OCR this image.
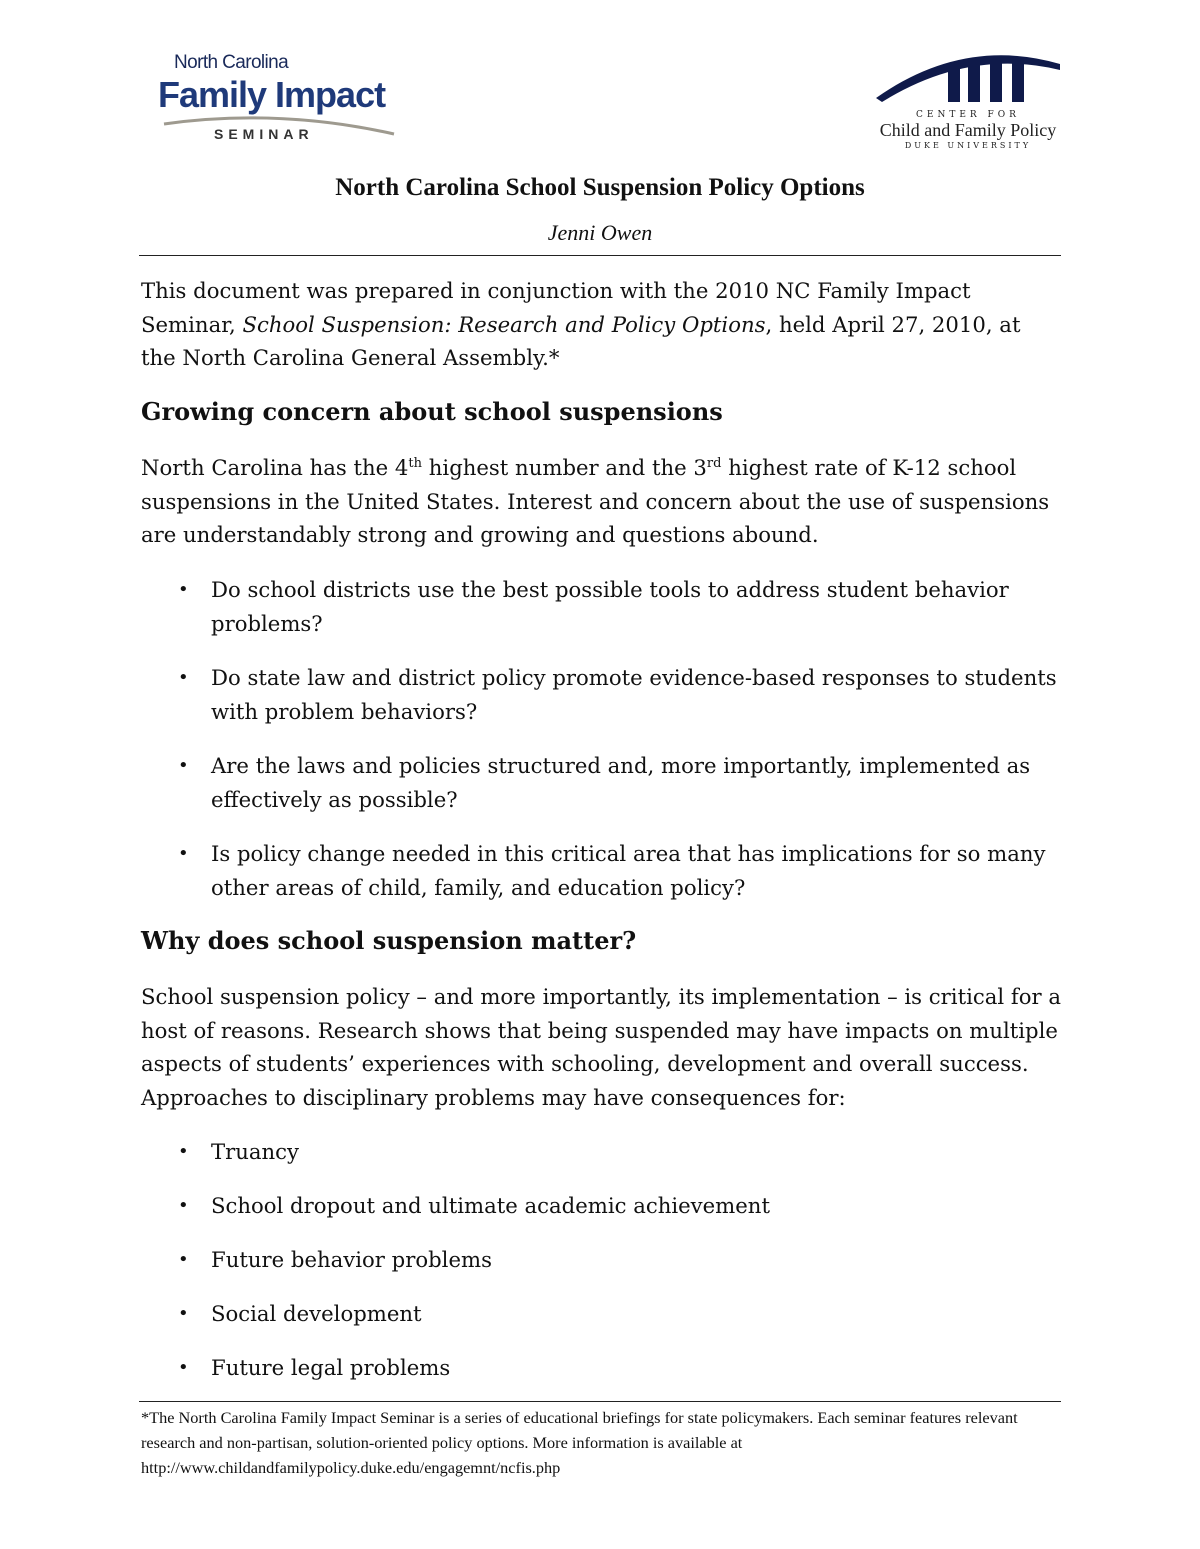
North Carolina
Family Impact
SEMINAR
CENTER FOR
Child and Family Policy
DUKE UNIVERSITY
North Carolina School Suspension Policy Options
Jenni Owen
This document was prepared in conjunction with the 2010 NC Family Impact Seminar, School Suspension: Research and Policy Options, held April 27, 2010, at the North Carolina General Assembly.*
Growing concern about school suspensions
North Carolina has the 4th highest number and the 3rd highest rate of K-12 school suspensions in the United States. Interest and concern about the use of suspensions are understandably strong and growing and questions abound.
• Do school districts use the best possible tools to address student behavior problems?
• Do state law and district policy promote evidence-based responses to students with problem behaviors?
• Are the laws and policies structured and, more importantly, implemented as effectively as possible?
• Is policy change needed in this critical area that has implications for so many other areas of child, family, and education policy?
Why does school suspension matter?
School suspension policy – and more importantly, its implementation – is critical for a host of reasons. Research shows that being suspended may have impacts on multiple aspects of students’ experiences with schooling, development and overall success. Approaches to disciplinary problems may have consequences for:
• Truancy
• School dropout and ultimate academic achievement
• Future behavior problems
• Social development
• Future legal problems
*The North Carolina Family Impact Seminar is a series of educational briefings for state policymakers. Each seminar features relevant research and non-partisan, solution-oriented policy options. More information is available at http://www.childandfamilypolicy.duke.edu/engagemnt/ncfis.php
